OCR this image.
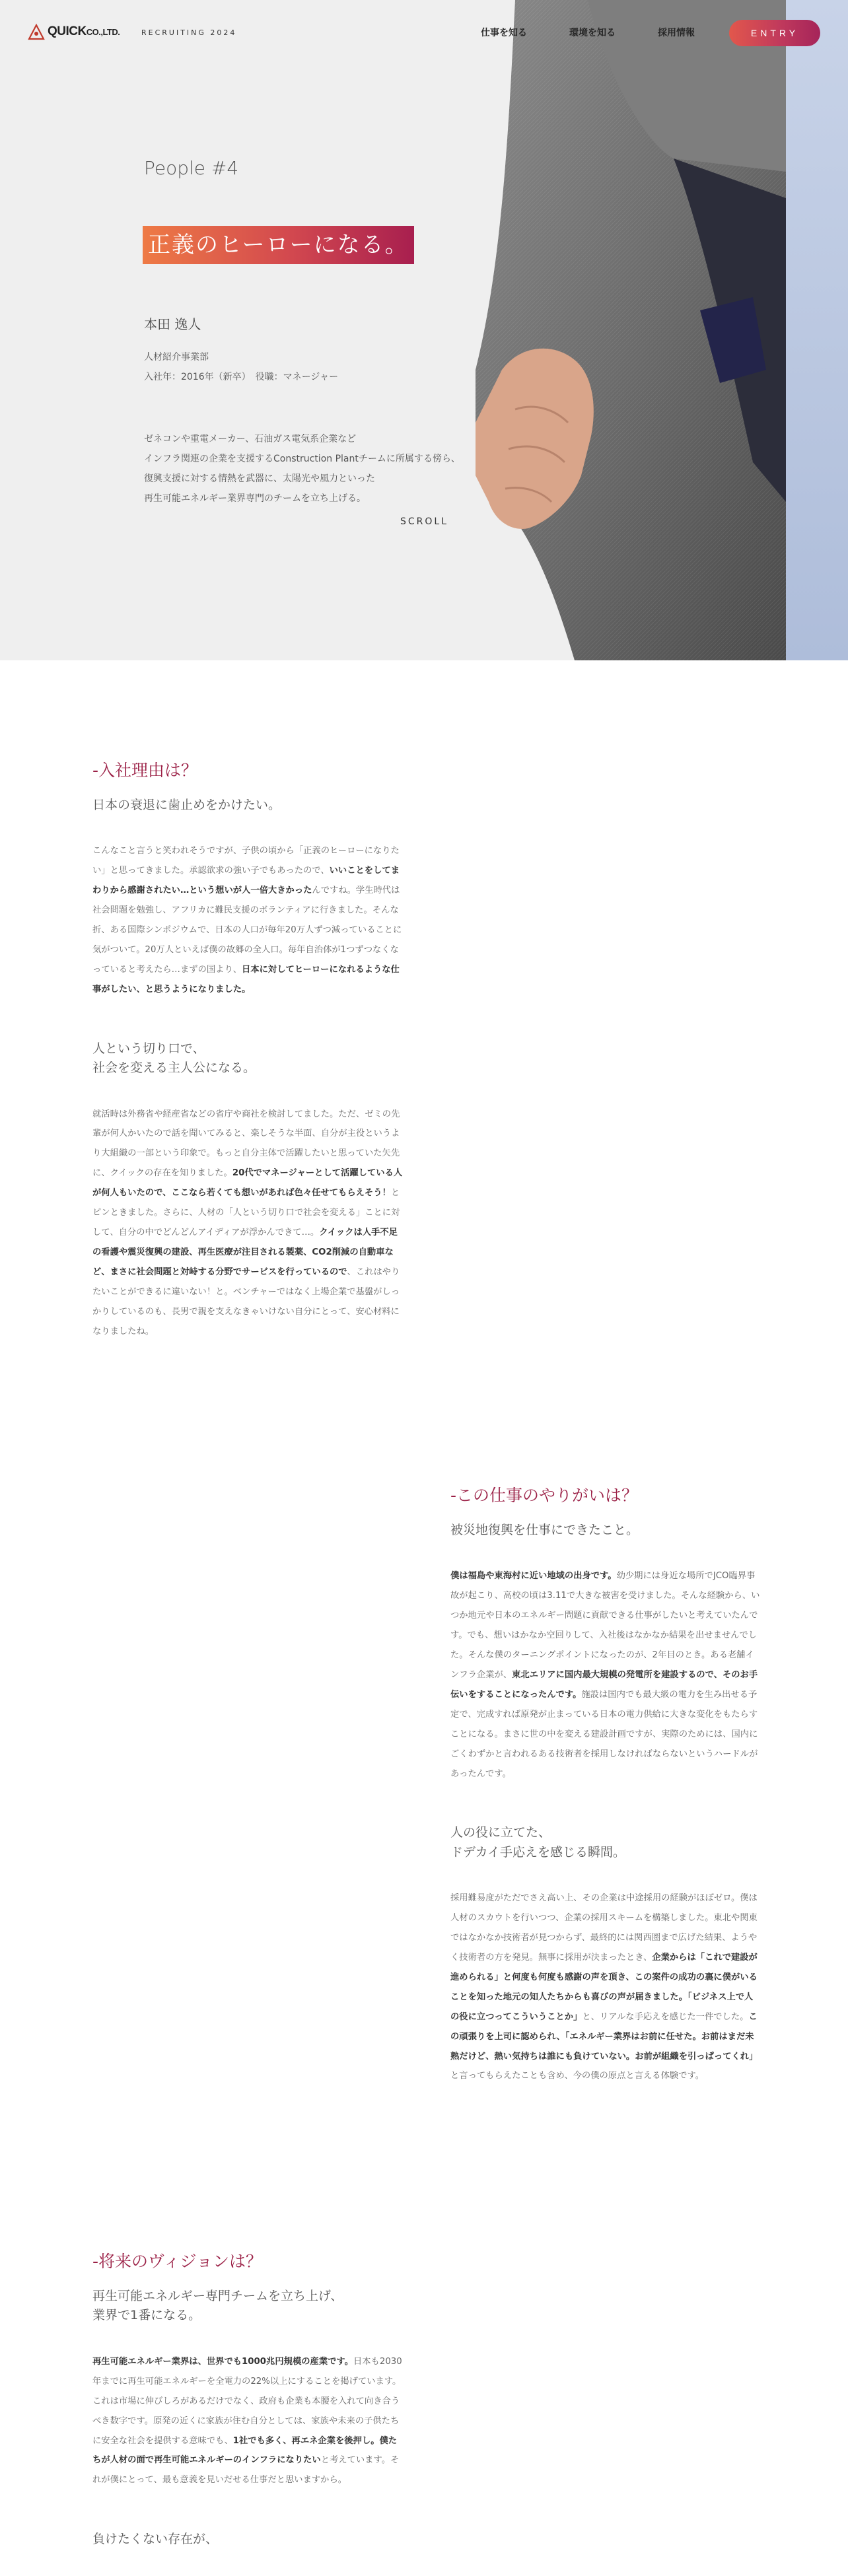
People #4
正義のヒーローになる。
本田 逸人
人材紹介事業部
入社年：2016年（新卒）　役職：マネージャー

ゼネコンや重電メーカー、石油ガス電気系企業など

インフラ関連の企業を支援するConstruction Plantチームに所属する傍ら、

復興支援に対する情熱を武器に、太陽光や風力といった

再生可能エネルギー業界専門のチームを立ち上げる。

SCROLL
QUICKCO.,LTD.	RECRUITING 2024	仕事を知る	環境を知る	採用情報	ENTRY
-入社理由は？
日本の衰退に歯止めをかけたい。

こんなこと言うと笑われそうですが、子供の頃から「正義のヒーローになりたい」と思ってきました。承認欲求の強い子でもあったので、いいことをしてまわりから感謝されたい…という想いが人一倍大きかったんですね。学生時代は社会問題を勉強し、アフリカに難民支援のボランティアに行きました。そんな折、ある国際シンポジウムで、日本の人口が毎年20万人ずつ減っていることに気がついて。20万人といえば僕の故郷の全人口。毎年自治体が1つずつなくなっていると考えたら…まずの国より、日本に対してヒーローになれるような仕事がしたい、と思うようになりました。

人という切り口で、
社会を変える主人公になる。

就活時は外務省や経産省などの省庁や商社を検討してました。ただ、ゼミの先輩が何人かいたので話を聞いてみると、楽しそうな半面、自分が主役というより大組織の一部という印象で。もっと自分主体で活躍したいと思っていた矢先に、クイックの存在を知りました。20代でマネージャーとして活躍している人が何人もいたので、ここなら若くても想いがあれば色々任せてもらえそう！とピンときました。さらに、人材の「人という切り口で社会を変える」ことに対して、自分の中でどんどんアイディアが浮かんできて…。クイックは人手不足の看護や震災復興の建設、再生医療が注目される製薬、CO2削減の自動車など、まさに社会問題と対峙する分野でサービスを行っているので、これはやりたいことができるに違いない！と。ベンチャーではなく上場企業で基盤がしっかりしているのも、長男で親を支えなきゃいけない自分にとって、安心材料になりましたね。

-この仕事のやりがいは？
被災地復興を仕事にできたこと。

僕は福島や東海村に近い地域の出身です。幼少期には身近な場所でJCO臨界事故が起こり、高校の頃は3.11で大きな被害を受けました。そんな経験から、いつか地元や日本のエネルギー問題に貢献できる仕事がしたいと考えていたんです。でも、想いはかなか空回りして、入社後はなかなか結果を出せませんでした。そんな僕のターニングポイントになったのが、2年目のとき。ある老舗インフラ企業が、東北エリアに国内最大規模の発電所を建設するので、そのお手伝いをすることになったんです。施設は国内でも最大級の電力を生み出せる予定で、完成すれば原発が止まっている日本の電力供給に大きな変化をもたらすことになる。まさに世の中を変える建設計画ですが、実際のためには、国内にごくわずかと言われるある技術者を採用しなければならないというハードルがあったんです。

人の役に立てた、
ドデカイ手応えを感じる瞬間。

採用難易度がただでさえ高い上、その企業は中途採用の経験がほぼゼロ。僕は人材のスカウトを行いつつ、企業の採用スキームを構築しました。東北や関東ではなかなか技術者が見つからず、最終的には関西圏まで広げた結果、ようやく技術者の方を発見。無事に採用が決まったとき、企業からは「これで建設が進められる」と何度も何度も感謝の声を頂き、この案件の成功の裏に僕がいることを知った地元の知人たちからも喜びの声が届きました。「ビジネス上で人の役に立つってこういうことか」と、リアルな手応えを感じた一件でした。この頑張りを上司に認められ、「エネルギー業界はお前に任せた。お前はまだ未熟だけど、熱い気持ちは誰にも負けていない。お前が組織を引っぱってくれ」と言ってもらえたことも含め、今の僕の原点と言える体験です。

-将来のヴィジョンは？
再生可能エネルギー専門チームを立ち上げ、
業界で1番になる。

再生可能エネルギー業界は、世界でも1000兆円規模の産業です。日本も2030年までに再生可能エネルギーを全電力の22%以上にすることを掲げています。これは市場に伸びしろがあるだけでなく、政府も企業も本腰を入れて向き合うべき数字です。原発の近くに家族が住む自分としては、家族や未来の子供たちに安全な社会を提供する意味でも、1社でも多く、再エネ企業を後押し。僕たちが人材の面で再生可能エネルギーのインフラになりたいと考えています。それが僕にとって、最も意義を見いだせる仕事だと思いますから。

負けたくない存在が、
